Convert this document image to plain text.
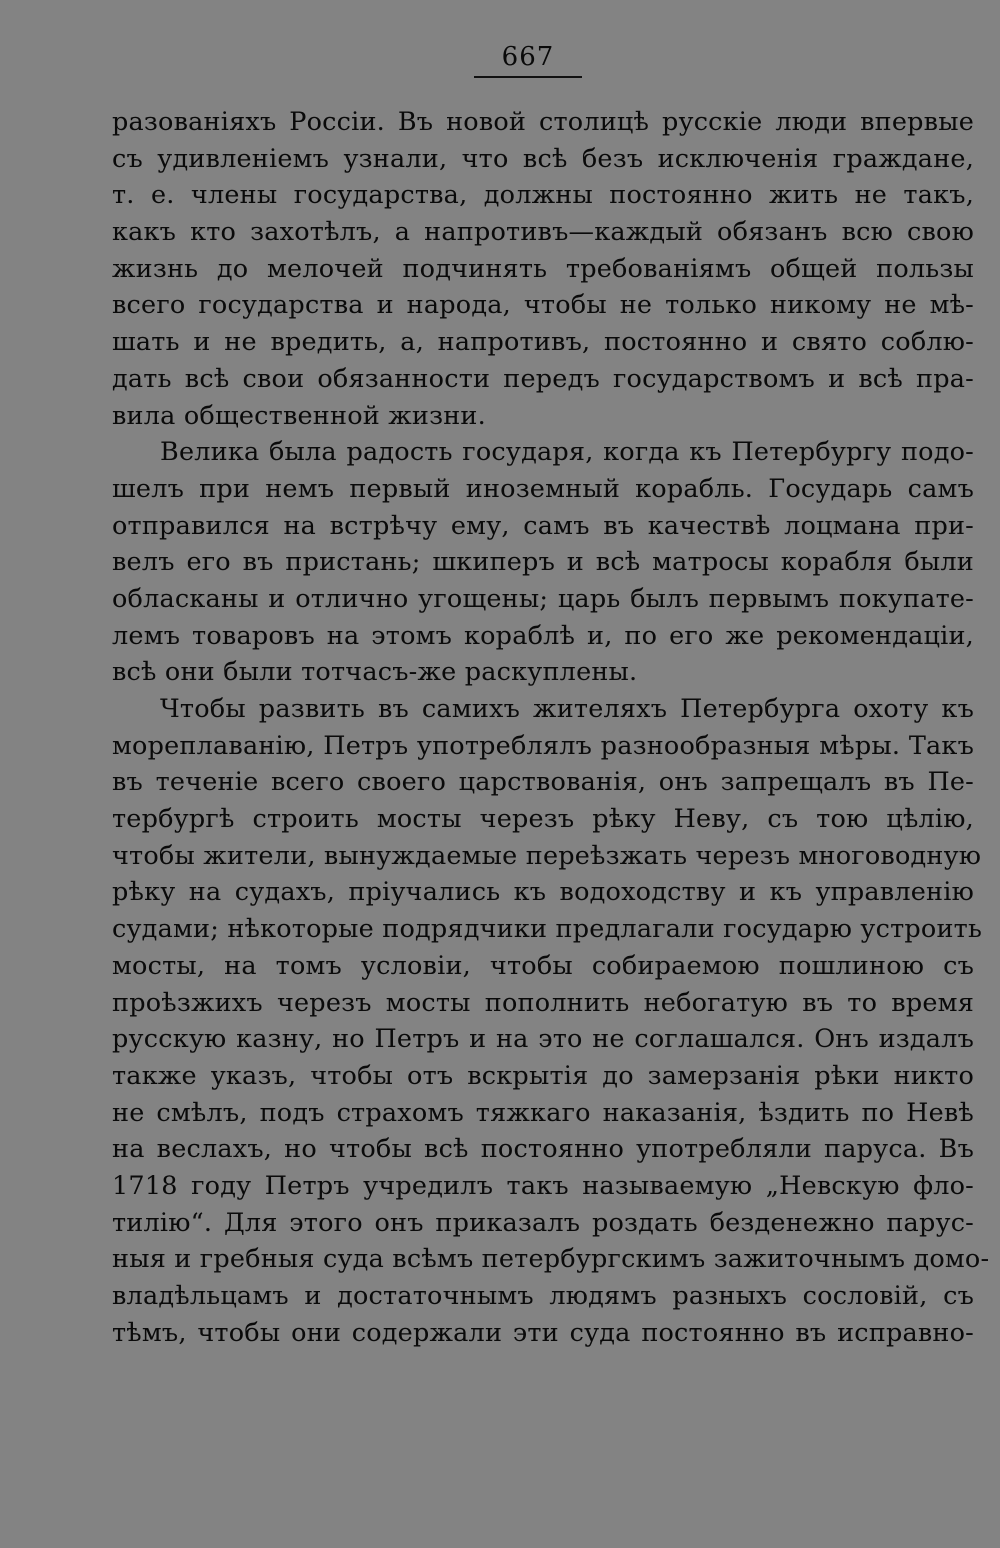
667
разованіяхъ Россіи. Въ новой столицѣ русскіе люди впервые
съ удивленіемъ узнали, что всѣ безъ исключенія граждане,
т. е. члены государства, должны постоянно жить не такъ,
какъ кто захотѣлъ, а напротивъ—каждый обязанъ всю свою
жизнь до мелочей подчинять требованіямъ общей пользы
всего государства и народа, чтобы не только никому не мѣ-
шать и не вредить, а, напротивъ, постоянно и свято соблю-
дать всѣ свои обязанности передъ государствомъ и всѣ пра-
вила общественной жизни.
Велика была радость государя, когда къ Петербургу подо-
шелъ при немъ первый иноземный корабль. Государь самъ
отправился на встрѣчу ему, самъ въ качествѣ лоцмана при-
велъ его въ пристань; шкиперъ и всѣ матросы корабля были
обласканы и отлично угощены; царь былъ первымъ покупате-
лемъ товаровъ на этомъ кораблѣ и, по его же рекомендаціи,
всѣ они были тотчасъ-же раскуплены.
Чтобы развить въ самихъ жителяхъ Петербурга охоту къ
мореплаванію, Петръ употреблялъ разнообразныя мѣры. Такъ
въ теченіе всего своего царствованія, онъ запрещалъ въ Пе-
тербургѣ строить мосты черезъ рѣку Неву, съ тою цѣлію,
чтобы жители, вынуждаемые переѣзжать черезъ многоводную
рѣку на судахъ, пріучались къ водоходству и къ управленію
судами; нѣкоторые подрядчики предлагали государю устроить
мосты, на томъ условіи, чтобы собираемою пошлиною съ
проѣзжихъ черезъ мосты пополнить небогатую въ то время
русскую казну, но Петръ и на это не соглашался. Онъ издалъ
также указъ, чтобы отъ вскрытія до замерзанія рѣки никто
не смѣлъ, подъ страхомъ тяжкаго наказанія, ѣздить по Невѣ
на веслахъ, но чтобы всѣ постоянно употребляли паруса. Въ
1718 году Петръ учредилъ такъ называемую „Невскую фло-
тилію“. Для этого онъ приказалъ роздать безденежно парус-
ныя и гребныя суда всѣмъ петербургскимъ зажиточнымъ домо-
владѣльцамъ и достаточнымъ людямъ разныхъ сословій, съ
тѣмъ, чтобы они содержали эти суда постоянно въ исправно-
